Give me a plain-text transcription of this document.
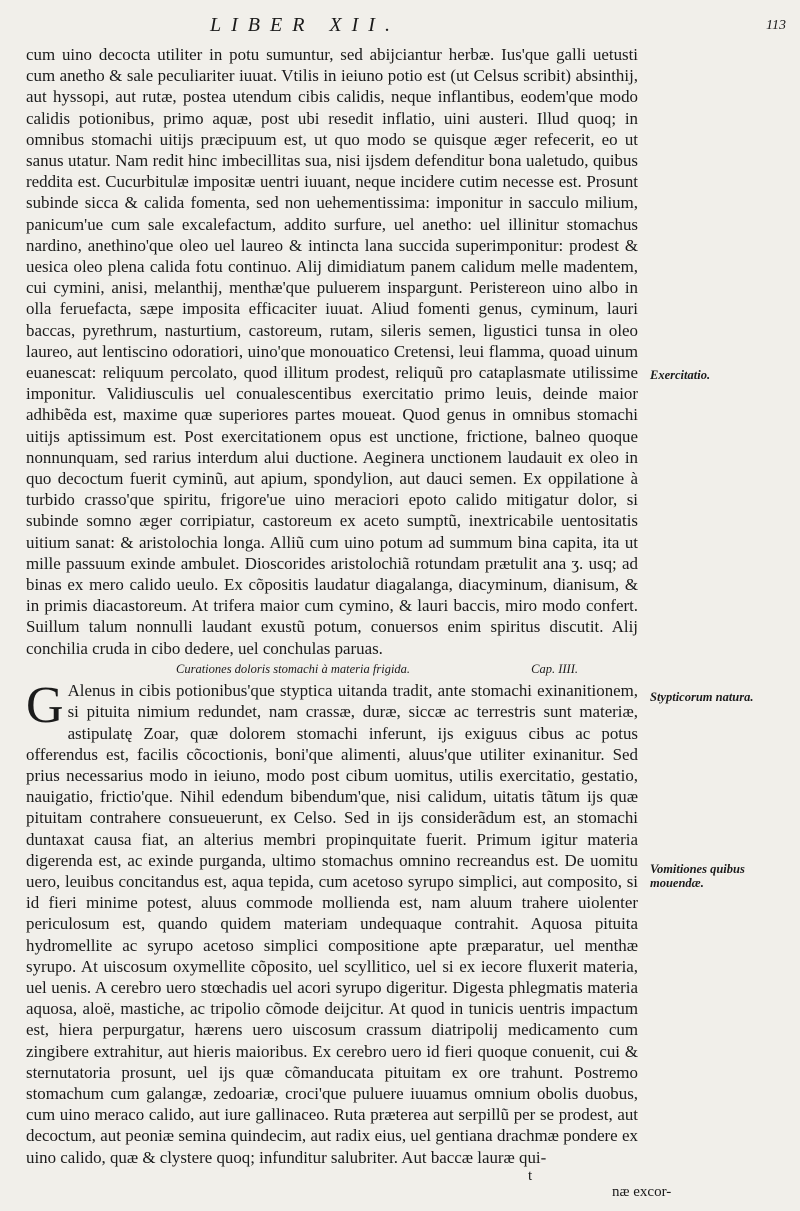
LIBER XII.	113

cum uino decocta utiliter in potu sumuntur, sed abijciantur herbæ. Ius'que galli uetusti cum anetho & sale peculiariter iuuat. Vtilis in ieiuno potio est (ut Celsus scribit) absinthij, aut hyssopi, aut rutæ, postea utendum cibis calidis, neque inflantibus, eodem'que modo calidis potionibus, primo aquæ, post ubi resedit inflatio, uini austeri. Illud quoq; in omnibus stomachi uitijs præcipuum est, ut quo modo se quisque æger refecerit, eo ut sanus utatur. Nam redit hinc imbecillitas sua, nisi ijsdem defenditur bona ualetudo, quibus reddita est. Cucurbitulæ impositæ uentri iuuant, neque incidere cutim necesse est. Prosunt subinde sicca & calida fomenta, sed non uehementissima: imponitur in sacculo milium, panicum'ue cum sale excalefactum, addito surfure, uel anetho: uel illinitur stomachus nardino, anethino'que oleo uel laureo & intincta lana succida superimponitur: prodest & uesica oleo plena calida fotu continuo. Alij dimidiatum panem calidum melle madentem, cui cymini, anisi, melanthij, menthæ'que puluerem inspargunt. Peristereon uino albo in olla feruefacta, sæpe imposita efficaciter iuuat. Aliud fomenti genus, cyminum, lauri baccas, pyrethrum, nasturtium, castoreum, rutam, sileris semen, ligustici tunsa in oleo laureo, aut lentiscino odoratiori, uino'que monouatico Cretensi, leui flamma, quoad uinum euanescat: reliquum percolato, quod illitum prodest, reliquũ pro cataplasmate utilissime imponitur. Validiusculis uel conualescentibus exercitatio primo leuis, deinde maior adhibẽda est, maxime quæ superiores partes moueat. Quod genus in omnibus stomachi uitijs aptissimum est. Post exercitationem opus est unctione, frictione, balneo quoque nonnunquam, sed rarius interdum alui ductione. Aeginera unctionem laudauit ex oleo in quo decoctum fuerit cyminũ, aut apium, spondylion, aut dauci semen. Ex oppilatione à turbido crasso'que spiritu, frigore'ue uino meraciori epoto calido mitigatur dolor, si subinde somno æger corripiatur, castoreum ex aceto sumptũ, inextricabile uentositatis uitium sanat: & aristolochia longa. Alliũ cum uino potum ad summum bina capita, ita ut mille passuum exinde ambulet. Dioscorides aristolochiã rotundam prætulit ana ʒ. usq; ad binas ex mero calido ueulo. Ex cõpositis laudatur diagalanga, diacyminum, dianisum, & in primis diacastoreum. At trifera maior cum cymino, & lauri baccis, miro modo confert. Suillum talum nonnulli laudant exustũ potum, conuersos enim spiritus discutit. Alij conchilia cruda in cibo dedere, uel conchulas paruas.

Curationes doloris stomachi à materia frigida.	Cap. IIII.

G Alenus in cibis potionibus'que styptica uitanda tradit, ante stomachi exinanitionem, si pituita nimium redundet, nam crassæ, duræ, siccæ ac terrestris sunt materiæ, astipulatę Zoar, quæ dolorem stomachi inferunt, ijs exiguus cibus ac potus offerendus est, facilis cõcoctionis, boni'que alimenti, aluus'que utiliter exinanitur. Sed prius necessarius modo in ieiuno, modo post cibum uomitus, utilis exercitatio, gestatio, nauigatio, frictio'que. Nihil edendum bibendum'que, nisi calidum, uitatis tãtum ijs quæ pituitam contrahere consueuerunt, ex Celso. Sed in ijs considerãdum est, an stomachi duntaxat causa fiat, an alterius membri propinquitate fuerit. Primum igitur materia digerenda est, ac exinde purganda, ultimo stomachus omnino recreandus est. De uomitu uero, leuibus concitandus est, aqua tepida, cum acetoso syrupo simplici, aut composito, si id fieri minime potest, aluus commode mollienda est, nam aluum trahere uiolenter periculosum est, quando quidem materiam undequaque contrahit. Aquosa pituita hydromellite ac syrupo acetoso simplici compositione apte præparatur, uel menthæ syrupo. At uiscosum oxymellite cõposito, uel scyllitico, uel si ex iecore fluxerit materia, uel uenis. A cerebro uero stœchadis uel acori syrupo digeritur. Digesta phlegmatis materia aquosa, aloë, mastiche, ac tripolio cõmode deijcitur. At quod in tunicis uentris impactum est, hiera perpurgatur, hærens uero uiscosum crassum diatripolij medicamento cum zingibere extrahitur, aut hieris maioribus. Ex cerebro uero id fieri quoque conuenit, cui & sternutatoria prosunt, uel ijs quæ cõmanducata pituitam ex ore trahunt. Postremo stomachum cum galangæ, zedoariæ, croci'que puluere iuuamus omnium obolis duobus, cum uino meraco calido, aut iure gallinaceo. Ruta præterea aut serpillũ per se prodest, aut decoctum, aut peoniæ semina quindecim, aut radix eius, uel gentiana drachmæ pondere ex uino calido, quæ & clystere quoq; infunditur salubriter. Aut baccæ lauræ qui-

Exercitatio.
Stypticorum natura.
Vomitiones quibus mouendæ.
t
næ excor-
